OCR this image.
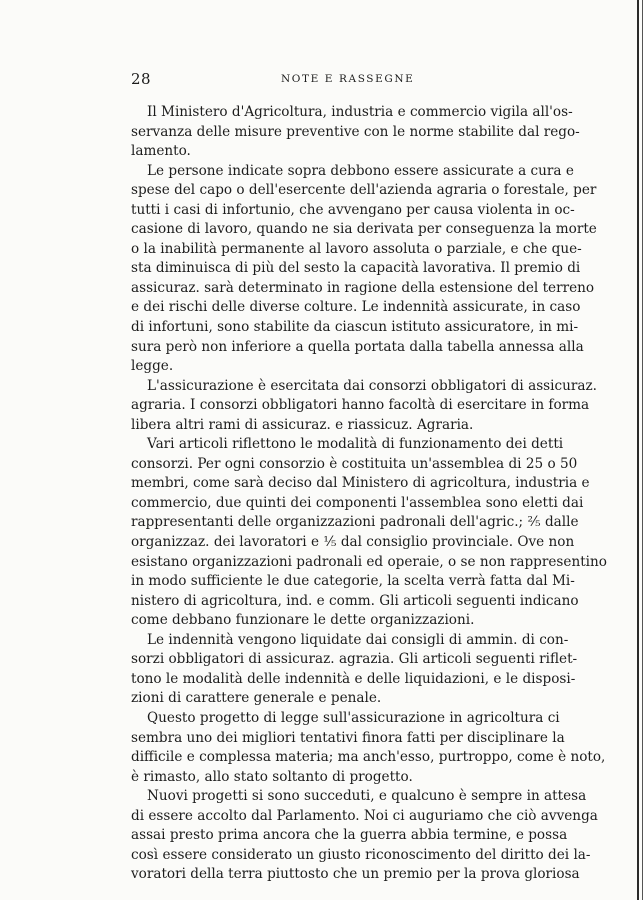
28	NOTE E RASSEGNE
Il Ministero d'Agricoltura, industria e commercio vigila all'os-
servanza delle misure preventive con le norme stabilite dal rego-
lamento.
Le persone indicate sopra debbono essere assicurate a cura e
spese del capo o dell'esercente dell'azienda agraria o forestale, per
tutti i casi di infortunio, che avvengano per causa violenta in oc-
casione di lavoro, quando ne sia derivata per conseguenza la morte
o la inabilità permanente al lavoro assoluta o parziale, e che que-
sta diminuisca di più del sesto la capacità lavorativa. Il premio di
assicuraz. sarà determinato in ragione della estensione del terreno
e dei rischi delle diverse colture. Le indennità assicurate, in caso
di infortuni, sono stabilite da ciascun istituto assicuratore, in mi-
sura però non inferiore a quella portata dalla tabella annessa alla
legge.
L'assicurazione è esercitata dai consorzi obbligatori di assicuraz.
agraria. I consorzi obbligatori hanno facoltà di esercitare in forma
libera altri rami di assicuraz. e riassicuz. Agraria.
Vari articoli riflettono le modalità di funzionamento dei detti
consorzi. Per ogni consorzio è costituita un'assemblea di 25 o 50
membri, come sarà deciso dal Ministero di agricoltura, industria e
commercio, due quinti dei componenti l'assemblea sono eletti dai
rappresentanti delle organizzazioni padronali dell'agric.; ²⁄₅ dalle
organizzaz. dei lavoratori e ¹⁄₅ dal consiglio provinciale. Ove non
esistano organizzazioni padronali ed operaie, o se non rappresentino
in modo sufficiente le due categorie, la scelta verrà fatta dal Mi-
nistero di agricoltura, ind. e comm. Gli articoli seguenti indicano
come debbano funzionare le dette organizzazioni.
Le indennità vengono liquidate dai consigli di ammin. di con-
sorzi obbligatori di assicuraz. agrazia. Gli articoli seguenti riflet-
tono le modalità delle indennità e delle liquidazioni, e le disposi-
zioni di carattere generale e penale.
Questo progetto di legge sull'assicurazione in agricoltura ci
sembra uno dei migliori tentativi finora fatti per disciplinare la
difficile e complessa materia; ma anch'esso, purtroppo, come è noto,
è rimasto, allo stato soltanto di progetto.
Nuovi progetti si sono succeduti, e qualcuno è sempre in attesa
di essere accolto dal Parlamento. Noi ci auguriamo che ciò avvenga
assai presto prima ancora che la guerra abbia termine, e possa
così essere considerato un giusto riconoscimento del diritto dei la-
voratori della terra piuttosto che un premio per la prova gloriosa
